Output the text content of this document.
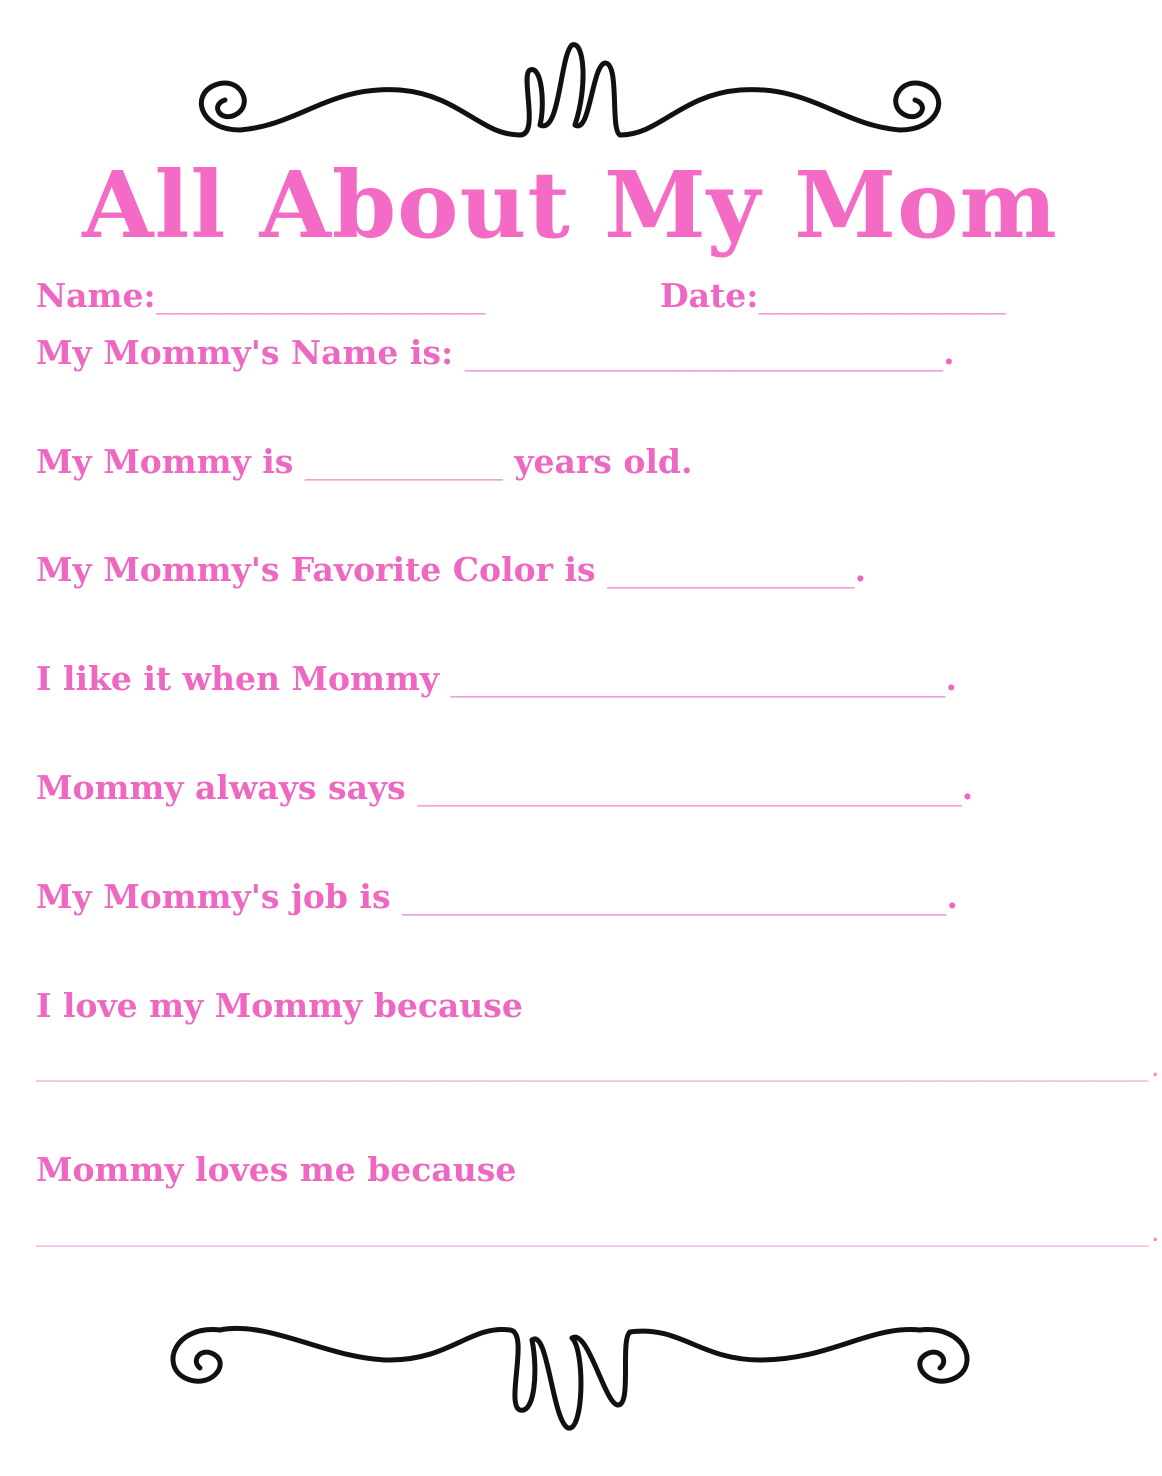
All About My Mom
Name:____________________	Date:_______________
My Mommy's Name is: _____________________________.
My Mommy is ____________ years old.
My Mommy's Favorite Color is _______________.
I like it when Mommy ______________________________.
Mommy always says _________________________________.
My Mommy's job is _________________________________.
I love my Mommy because
____________________________________________________________________________________.
Mommy loves me because
____________________________________________________________________________________.
